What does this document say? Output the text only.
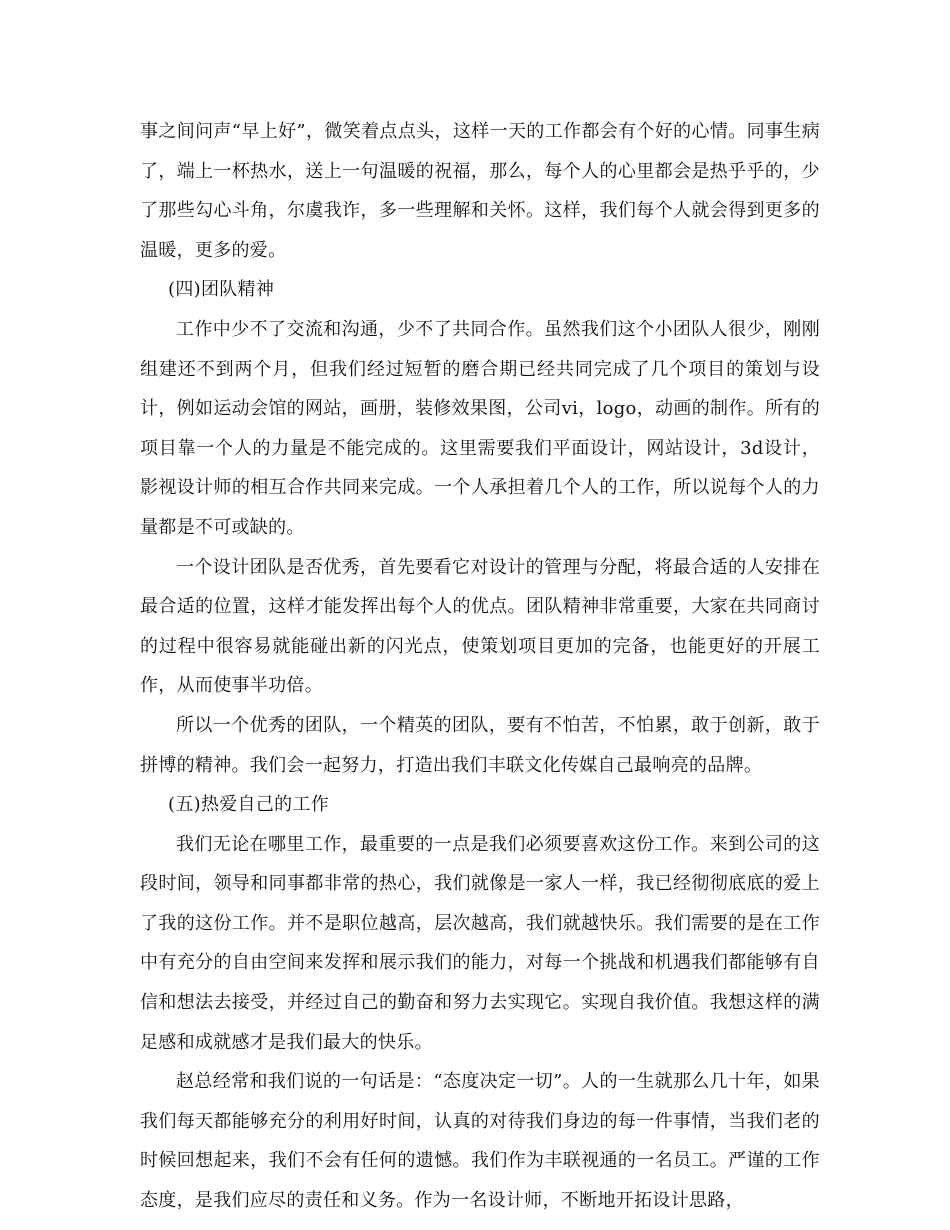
事之间问声“早上好”，微笑着点点头，这样一天的工作都会有个好的心情。同事生病了，端上一杯热水，送上一句温暖的祝福，那么，每个人的心里都会是热乎乎的，少了那些勾心斗角，尔虞我诈，多一些理解和关怀。这样，我们每个人就会得到更多的温暖，更多的爱。

(四)团队精神

工作中少不了交流和沟通，少不了共同合作。虽然我们这个小团队人很少，刚刚组建还不到两个月，但我们经过短暂的磨合期已经共同完成了几个项目的策划与设计，例如运动会馆的网站，画册，装修效果图，公司vi，logo，动画的制作。所有的项目靠一个人的力量是不能完成的。这里需要我们平面设计，网站设计，3d设计，影视设计师的相互合作共同来完成。一个人承担着几个人的工作，所以说每个人的力量都是不可或缺的。

一个设计团队是否优秀，首先要看它对设计的管理与分配，将最合适的人安排在最合适的位置，这样才能发挥出每个人的优点。团队精神非常重要，大家在共同商讨的过程中很容易就能碰出新的闪光点，使策划项目更加的完备，也能更好的开展工作，从而使事半功倍。

所以一个优秀的团队，一个精英的团队，要有不怕苦，不怕累，敢于创新，敢于拼博的精神。我们会一起努力，打造出我们丰联文化传媒自己最响亮的品牌。

(五)热爱自己的工作

我们无论在哪里工作，最重要的一点是我们必须要喜欢这份工作。来到公司的这段时间，领导和同事都非常的热心，我们就像是一家人一样，我已经彻彻底底的爱上了我的这份工作。并不是职位越高，层次越高，我们就越快乐。我们需要的是在工作中有充分的自由空间来发挥和展示我们的能力，对每一个挑战和机遇我们都能够有自信和想法去接受，并经过自己的勤奋和努力去实现它。实现自我价值。我想这样的满足感和成就感才是我们最大的快乐。

赵总经常和我们说的一句话是：“态度决定一切”。人的一生就那么几十年，如果我们每天都能够充分的利用好时间，认真的对待我们身边的每一件事情，当我们老的时候回想起来，我们不会有任何的遗憾。我们作为丰联视通的一名员工。严谨的工作态度，是我们应尽的责任和义务。作为一名设计师，不断地开拓设计思路，
